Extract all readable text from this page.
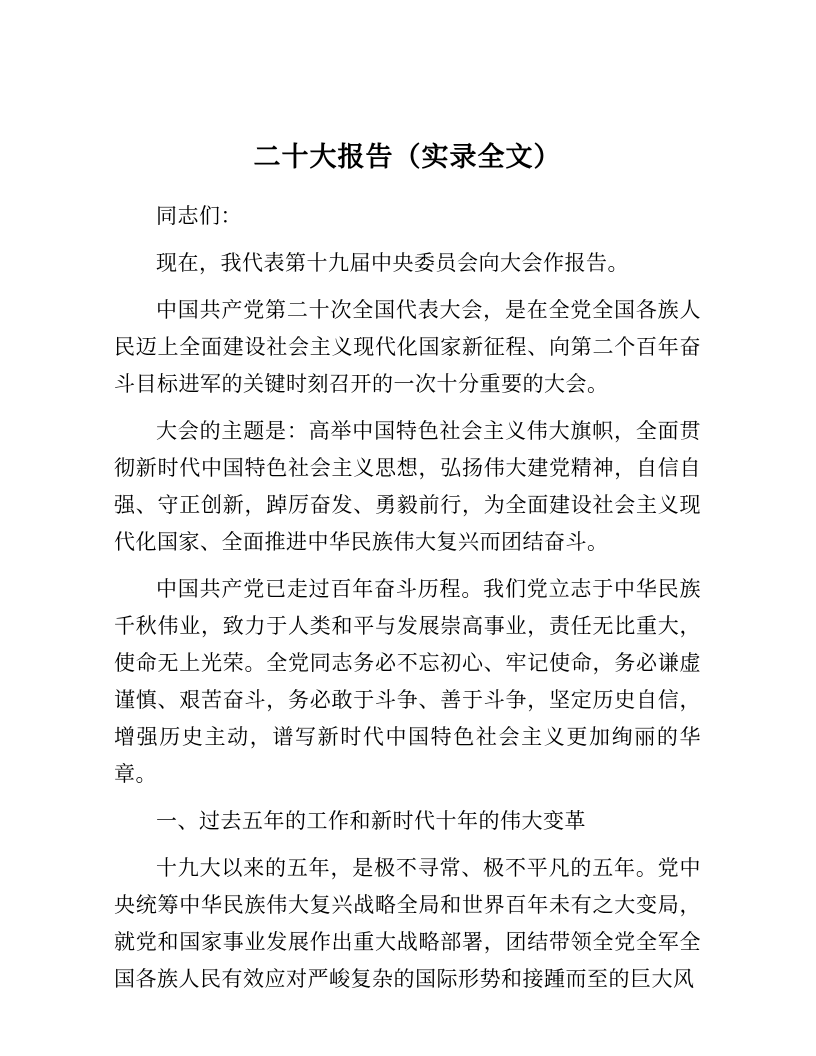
二十大报告（实录全文）

同志们：

现在，我代表第十九届中央委员会向大会作报告。

中国共产党第二十次全国代表大会，是在全党全国各族人民迈上全面建设社会主义现代化国家新征程、向第二个百年奋斗目标进军的关键时刻召开的一次十分重要的大会。

大会的主题是：高举中国特色社会主义伟大旗帜，全面贯彻新时代中国特色社会主义思想，弘扬伟大建党精神，自信自强、守正创新，踔厉奋发、勇毅前行，为全面建设社会主义现代化国家、全面推进中华民族伟大复兴而团结奋斗。

中国共产党已走过百年奋斗历程。我们党立志于中华民族千秋伟业，致力于人类和平与发展崇高事业，责任无比重大，使命无上光荣。全党同志务必不忘初心、牢记使命，务必谦虚谨慎、艰苦奋斗，务必敢于斗争、善于斗争，坚定历史自信，增强历史主动，谱写新时代中国特色社会主义更加绚丽的华章。

一、过去五年的工作和新时代十年的伟大变革

十九大以来的五年，是极不寻常、极不平凡的五年。党中央统筹中华民族伟大复兴战略全局和世界百年未有之大变局，就党和国家事业发展作出重大战略部署，团结带领全党全军全国各族人民有效应对严峻复杂的国际形势和接踵而至的巨大风
